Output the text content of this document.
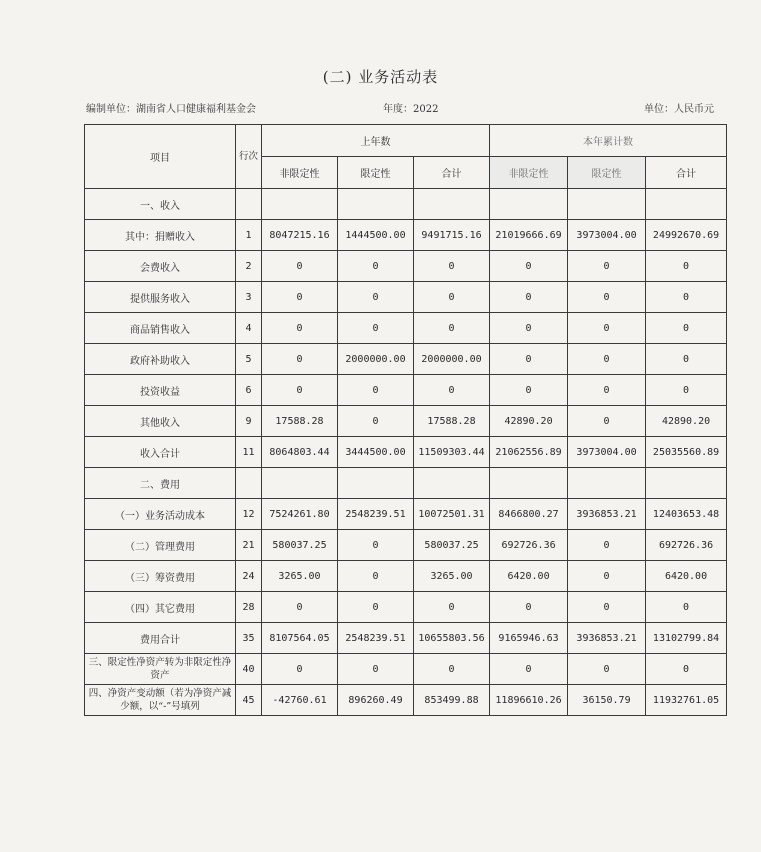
(二) 业务活动表
编制单位：湖南省人口健康福利基金会	年度：2022	单位：人民币元
项目	行次	上年数			本年累计数		
		非限定性	限定性	合计	非限定性	限定性	合计
一、收入							
其中：捐赠收入	1	8047215.16	1444500.00	9491715.16	21019666.69	3973004.00	24992670.69
会费收入	2	0	0	0	0	0	0
提供服务收入	3	0	0	0	0	0	0
商品销售收入	4	0	0	0	0	0	0
政府补助收入	5	0	2000000.00	2000000.00	0	0	0
投资收益	6	0	0	0	0	0	0
其他收入	9	17588.28	0	17588.28	42890.20	0	42890.20
收入合计	11	8064803.44	3444500.00	11509303.44	21062556.89	3973004.00	25035560.89
二、费用							
（一）业务活动成本	12	7524261.80	2548239.51	10072501.31	8466800.27	3936853.21	12403653.48
（二）管理费用	21	580037.25	0	580037.25	692726.36	0	692726.36
（三）筹资费用	24	3265.00	0	3265.00	6420.00	0	6420.00
（四）其它费用	28	0	0	0	0	0	0
费用合计	35	8107564.05	2548239.51	10655803.56	9165946.63	3936853.21	13102799.84
三、限定性净资产转为非限定性净资产	40	0	0	0	0	0	0
四、净资产变动额（若为净资产减少额，以“-”号填列	45	-42760.61	896260.49	853499.88	11896610.26	36150.79	11932761.05
